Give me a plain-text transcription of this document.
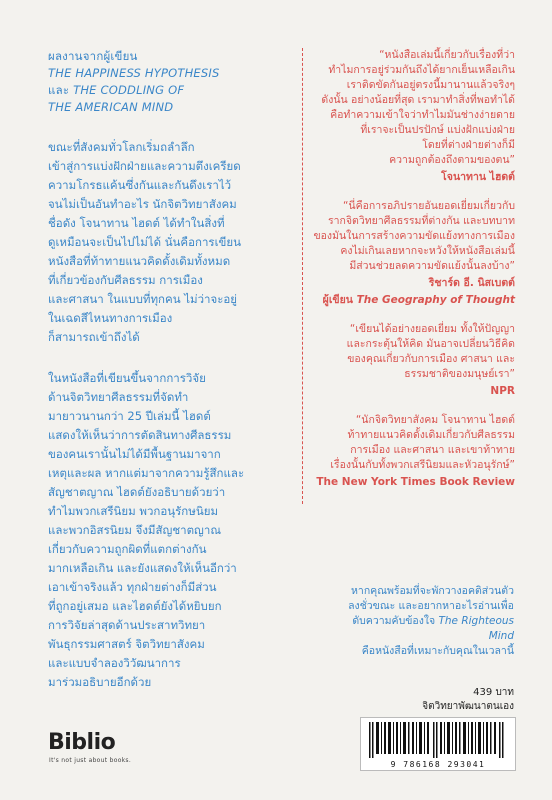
ผลงานจากผู้เขียน
THE HAPPINESS HYPOTHESIS
และ THE CODDLING OF
THE AMERICAN MIND

ขณะที่สังคมทั่วโลกเริ่มถลำลึก

เข้าสู่การแบ่งฝักฝ่ายและความตึงเครียด

ความโกรธแค้นซึ่งกันและกันดึงเราไว้

จนไม่เป็นอันทำอะไร นักจิตวิทยาสังคม

ชื่อดัง โจนาทาน ไฮดต์ ได้ทำในสิ่งที่

ดูเหมือนจะเป็นไปไม่ได้ นั่นคือการเขียน

หนังสือที่ท้าทายแนวคิดดั้งเดิมทั้งหมด

ที่เกี่ยวข้องกับศีลธรรม การเมือง

และศาสนา ในแบบที่ทุกคน ไม่ว่าจะอยู่

ในเฉดสีไหนทางการเมือง

ก็สามารถเข้าถึงได้

ในหนังสือที่เขียนขึ้นจากการวิจัย

ด้านจิตวิทยาศีลธรรมที่จัดทำ

มายาวนานกว่า 25 ปีเล่มนี้ ไฮดต์

แสดงให้เห็นว่าการตัดสินทางศีลธรรม

ของคนเรานั้นไม่ได้มีพื้นฐานมาจาก

เหตุและผล หากแต่มาจากความรู้สึกและ

สัญชาตญาณ ไฮดต์ยังอธิบายด้วยว่า

ทำไมพวกเสรีนิยม พวกอนุรักษนิยม

และพวกอิสรนิยม จึงมีสัญชาตญาณ

เกี่ยวกับความถูกผิดที่แตกต่างกัน

มากเหลือเกิน และยังแสดงให้เห็นอีกว่า

เอาเข้าจริงแล้ว ทุกฝ่ายต่างก็มีส่วน

ที่ถูกอยู่เสมอ และไฮดต์ยังได้หยิบยก

การวิจัยล่าสุดด้านประสาทวิทยา

พันธุกรรมศาสตร์ จิตวิทยาสังคม

และแบบจำลองวิวัฒนาการ

มาร่วมอธิบายอีกด้วย

“หนังสือเล่มนี้เกี่ยวกับเรื่องที่ว่า

ทำไมการอยู่ร่วมกันถึงได้ยากเย็นเหลือเกิน

เราติดขัดกันอยู่ตรงนี้มานานแล้วจริงๆ

ดังนั้น อย่างน้อยที่สุด เรามาทำสิ่งที่พอทำได้

คือทำความเข้าใจว่าทำไมมันช่างง่ายดาย

ที่เราจะเป็นปรปักษ์ แบ่งฝักแบ่งฝ่าย

โดยที่ต่างฝ่ายต่างก็มี

ความถูกต้องถึงตามของตน”

โจนาทาน ไฮดต์

“นี่คือการอภิปรายอันยอดเยี่ยมเกี่ยวกับ

รากจิตวิทยาศีลธรรมที่ต่างกัน และบทบาท

ของมันในการสร้างความขัดแย้งทางการเมือง

คงไม่เกินเลยหากจะหวังให้หนังสือเล่มนี้

มีส่วนช่วยลดความขัดแย้งนั้นลงบ้าง”

ริชาร์ด อี. นิสเบตต์
ผู้เขียน The Geography of Thought

“เขียนได้อย่างยอดเยี่ยม ทั้งให้ปัญญา

และกระตุ้นให้คิด มันอาจเปลี่ยนวิธีคิด

ของคุณเกี่ยวกับการเมือง ศาสนา และ

ธรรมชาติของมนุษย์เรา”

NPR

“นักจิตวิทยาสังคม โจนาทาน ไฮดต์

ท้าทายแนวคิดดั้งเดิมเกี่ยวกับศีลธรรม

การเมือง และศาสนา และเขาท้าทาย

เรื่องนั้นกับทั้งพวกเสรีนิยมและหัวอนุรักษ์”

The New York Times Book Review
หากคุณพร้อมที่จะพักวางอคติส่วนตัว
ลงชั่วขณะ และอยากหาอะไรอ่านเพื่อ
ดับความคับข้องใจ The Righteous Mind
คือหนังสือที่เหมาะกับคุณในเวลานี้
439 บาท
จิตวิทยาพัฒนาตนเอง
9 786168 293041
Biblio
It's not just about books.
